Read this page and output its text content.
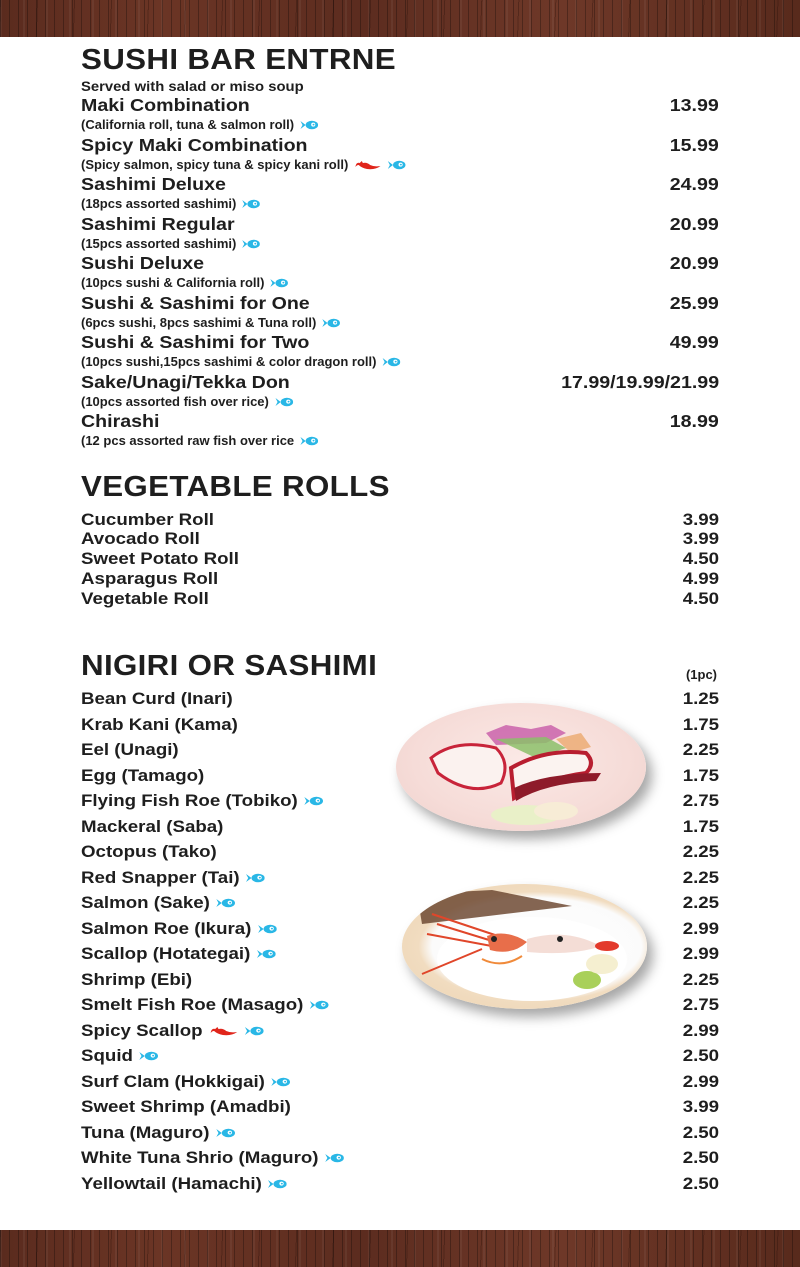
SUSHI BAR ENTRNE
Served with salad or miso soup
Maki Combination	13.99
(California roll, tuna & salmon roll)
Spicy Maki Combination	15.99
(Spicy salmon, spicy tuna & spicy kani roll)
Sashimi Deluxe	24.99
(18pcs assorted sashimi)
Sashimi Regular	20.99
(15pcs assorted sashimi)
Sushi Deluxe	20.99
(10pcs sushi & California roll)
Sushi & Sashimi for One	25.99
(6pcs sushi, 8pcs sashimi & Tuna roll)
Sushi & Sashimi for Two	49.99
(10pcs sushi,15pcs sashimi & color dragon roll)
Sake/Unagi/Tekka Don	17.99/19.99/21.99
(10pcs assorted fish over rice)
Chirashi	18.99
(12 pcs assorted raw fish over rice
VEGETABLE ROLLS
Cucumber Roll	3.99
Avocado Roll	3.99
Sweet Potato Roll	4.50
Asparagus Roll	4.99
Vegetable Roll	4.50
NIGIRI OR SASHIMI	(1pc)
Bean Curd (Inari)	1.25
Krab Kani (Kama)	1.75
Eel (Unagi)	2.25
Egg (Tamago)	1.75
Flying Fish Roe (Tobiko)	2.75
Mackeral (Saba)	1.75
Octopus (Tako)	2.25
Red Snapper (Tai)	2.25
Salmon (Sake)	2.25
Salmon Roe (Ikura)	2.99
Scallop (Hotategai)	2.99
Shrimp (Ebi)	2.25
Smelt Fish Roe (Masago)	2.75
Spicy Scallop	2.99
Squid	2.50
Surf Clam (Hokkigai)	2.99
Sweet Shrimp (Amadbi)	3.99
Tuna (Maguro)	2.50
White Tuna Shrio (Maguro)	2.50
Yellowtail (Hamachi)	2.50
